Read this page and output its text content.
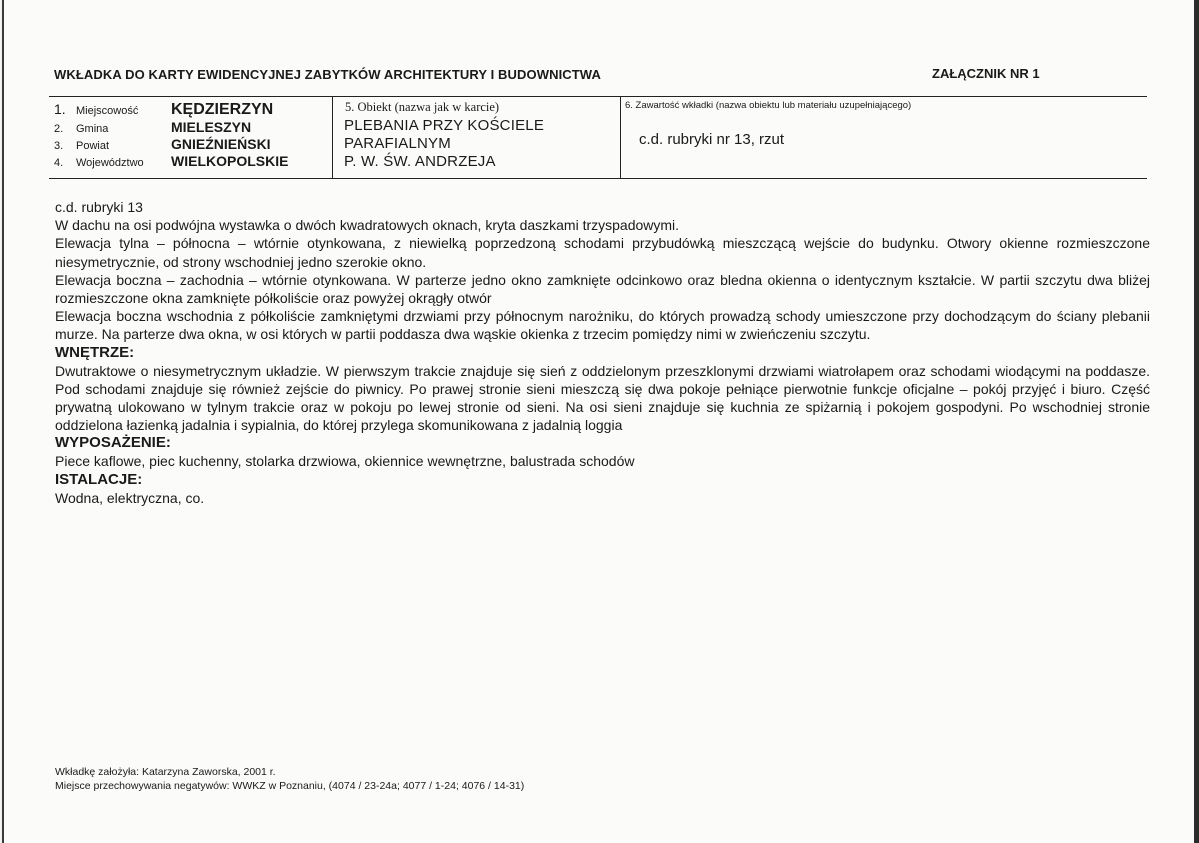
WKŁADKA DO KARTY EWIDENCYJNEJ ZABYTKÓW ARCHITEKTURY I BUDOWNICTWA	ZAŁĄCZNIK NR 1
1. Miejscowość	KĘDZIERZYN
2.	Gmina	MIELESZYN
3.	Powiat	GNIEŹNIEŃSKI
4.	Województwo	WIELKOPOLSKIE
5. Obiekt (nazwa jak w karcie)
PLEBANIA PRZY KOŚCIELE
PARAFIALNYM
P. W. ŚW. ANDRZEJA
6. Zawartość wkładki (nazwa obiektu lub materiału uzupełniającego)
c.d. rubryki nr 13, rzut

c.d. rubryki 13

W dachu na osi podwójna wystawka o dwóch kwadratowych oknach, kryta daszkami trzyspadowymi.

Elewacja tylna – północna – wtórnie otynkowana, z niewielką poprzedzoną schodami przybudówką mieszczącą wejście do budynku. Otwory okienne rozmieszczone niesymetrycznie, od strony wschodniej jedno szerokie okno.

Elewacja boczna – zachodnia – wtórnie otynkowana. W parterze jedno okno zamknięte odcinkowo oraz bledna okienna o identycznym kształcie. W partii szczytu dwa bliżej rozmieszczone okna zamknięte półkoliście oraz powyżej okrągły otwór

Elewacja boczna wschodnia z półkoliście zamkniętymi drzwiami przy północnym narożniku, do których prowadzą schody umieszczone przy dochodzącym do ściany plebanii murze. Na parterze dwa okna, w osi których w partii poddasza dwa wąskie okienka z trzecim pomiędzy nimi w zwieńczeniu szczytu.

WNĘTRZE:

Dwutraktowe o niesymetrycznym układzie. W pierwszym trakcie znajduje się sień z oddzielonym przeszklonymi drzwiami wiatrołapem oraz schodami wiodącymi na poddasze. Pod schodami znajduje się również zejście do piwnicy. Po prawej stronie sieni mieszczą się dwa pokoje pełniące pierwotnie funkcje oficjalne – pokój przyjęć i biuro. Część prywatną ulokowano w tylnym trakcie oraz w pokoju po lewej stronie od sieni. Na osi sieni znajduje się kuchnia ze spiżarnią i pokojem gospodyni. Po wschodniej stronie oddzielona łazienką jadalnia i sypialnia, do której przylega skomunikowana z jadalnią loggia

WYPOSAŻENIE:

Piece kaflowe, piec kuchenny, stolarka drzwiowa, okiennice wewnętrzne, balustrada schodów

ISTALACJE:

Wodna, elektryczna, co.

Wkładkę założyła: Katarzyna Zaworska, 2001 r.
Miejsce przechowywania negatywów: WWKZ w Poznaniu, (4074 / 23-24a; 4077 / 1-24; 4076 / 14-31)
